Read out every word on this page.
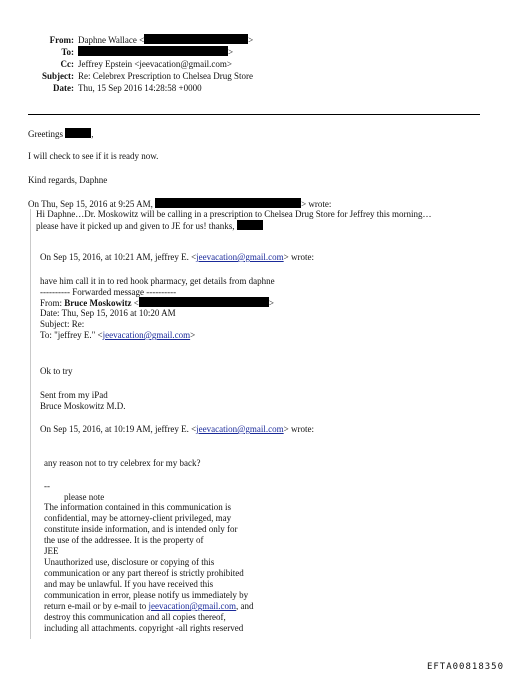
From: Daphne Wallace <	>
To:	>
Cc: Jeffrey Epstein <jeevacation@gmail.com>
Subject: Re: Celebrex Prescription to Chelsea Drug Store
Date: Thu, 15 Sep 2016 14:28:58 +0000
Greetings	,
I will check to see if it is ready now.
Kind regards, Daphne
On Thu, Sep 15, 2016 at 9:25 AM,	> wrote:
Hi Daphne…Dr. Moskowitz will be calling in a prescription to Chelsea Drug Store for Jeffrey this morning…
please have it picked up and given to JE for us! thanks,
On Sep 15, 2016, at 10:21 AM, jeffrey E. <jeevacation@gmail.com> wrote:
have him call it in to red hook pharmacy, get details from daphne
---------- Forwarded message ----------
From: Bruce Moskowitz <	>
Date: Thu, Sep 15, 2016 at 10:20 AM
Subject: Re:
To: "jeffrey E." <jeevacation@gmail.com>
Ok to try
Sent from my iPad
Bruce Moskowitz M.D.
On Sep 15, 2016, at 10:19 AM, jeffrey E. <jeevacation@gmail.com> wrote:
any reason not to try celebrex for my back?
--
please note
The information contained in this communication is
confidential, may be attorney-client privileged, may
constitute inside information, and is intended only for
the use of the addressee. It is the property of
JEE
Unauthorized use, disclosure or copying of this
communication or any part thereof is strictly prohibited
and may be unlawful. If you have received this
communication in error, please notify us immediately by
return e-mail or by e-mail to jeevacation@gmail.com, and
destroy this communication and all copies thereof,
including all attachments. copyright -all rights reserved
EFTA00818350
